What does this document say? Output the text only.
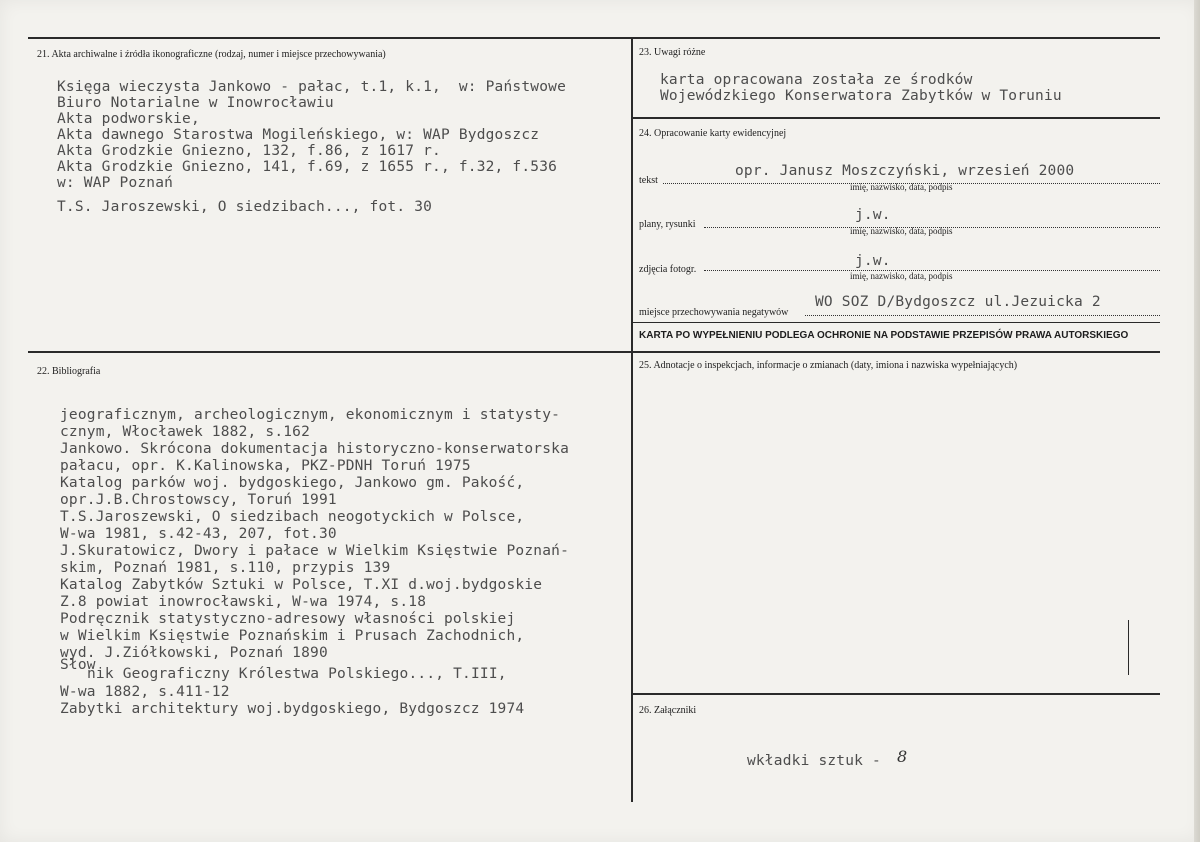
21. Akta archiwalne i źródła ikonograficzne (rodzaj, numer i miejsce przechowywania)
Księga wieczysta Jankowo - pałac, t.1, k.1,  w: Państwowe
Biuro Notarialne w Inowrocławiu
Akta podworskie,
Akta dawnego Starostwa Mogileńskiego, w: WAP Bydgoszcz
Akta Grodzkie Gniezno, 132, f.86, z 1617 r.
Akta Grodzkie Gniezno, 141, f.69, z 1655 r., f.32, f.536
w: WAP Poznań
T.S. Jaroszewski, O siedzibach..., fot. 30
22. Bibliografia
jeograficznym, archeologicznym, ekonomicznym i statysty-
cznym, Włocławek 1882, s.162
Jankowo. Skrócona dokumentacja historyczno-konserwatorska
pałacu, opr. K.Kalinowska, PKZ-PDNH Toruń 1975
Katalog parków woj. bydgoskiego, Jankowo gm. Pakość,
opr.J.B.Chrostowscy, Toruń 1991
T.S.Jaroszewski, O siedzibach neogotyckich w Polsce,
W-wa 1981, s.42-43, 207, fot.30
J.Skuratowicz, Dwory i pałace w Wielkim Księstwie Poznań-
skim, Poznań 1981, s.110, przypis 139
Katalog Zabytków Sztuki w Polsce, T.XI d.woj.bydgoskie
Z.8 powiat inowrocławski, W-wa 1974, s.18
Podręcznik statystyczno-adresowy własności polskiej
w Wielkim Księstwie Poznańskim i Prusach Zachodnich,
wyd. J.Ziółkowski, Poznań 1890
Słow
nik Geograficzny Królestwa Polskiego..., T.III,
W-wa 1882, s.411-12
Zabytki architektury woj.bydgoskiego, Bydgoszcz 1974
23. Uwagi różne
karta opracowana została ze środków
Wojewódzkiego Konserwatora Zabytków w Toruniu
24. Opracowanie karty ewidencyjnej
tekst
opr. Janusz Moszczyński, wrzesień 2000
imię, nazwisko, data, podpis
plany, rysunki
j.w.
imię, nazwisko, data, podpis
zdjęcia fotogr.
j.w.
imię, nazwisko, data, podpis
miejsce przechowywania negatywów
WO SOZ D/Bydgoszcz ul.Jezuicka 2
KARTA PO WYPEŁNIENIU PODLEGA OCHRONIE NA PODSTAWIE PRZEPISÓW PRAWA AUTORSKIEGO
25. Adnotacje o inspekcjach, informacje o zmianach (daty, imiona i nazwiska wypełniających)
26. Załączniki
wkładki sztuk - 8
